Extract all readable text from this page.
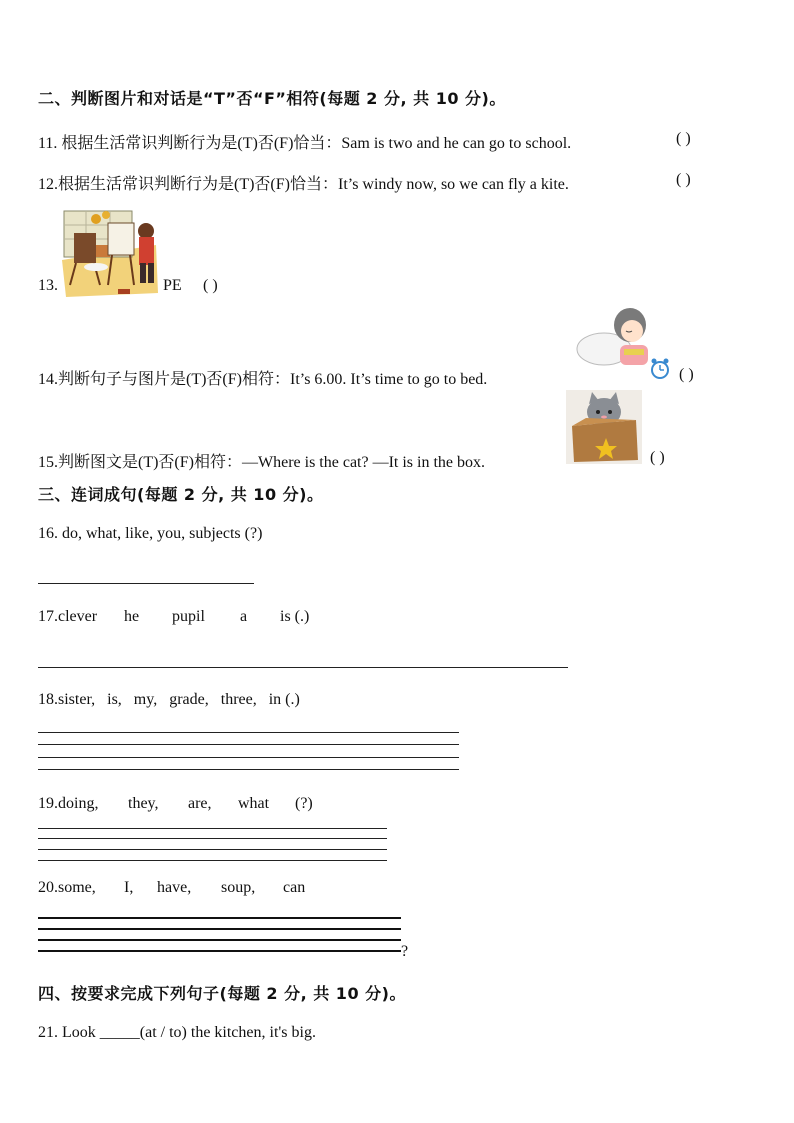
二、判断图片和对话是“T”否“F”相符(每题 2 分, 共 10 分)。
11. 根据生活常识判断行为是(T)否(F)恰当：Sam is two and he can go to school.	( )
12.根据生活常识判断行为是(T)否(F)恰当：It’s windy now, so we can fly a kite.	( )
13.	PE ( )
14.判断句子与图片是(T)否(F)相符：It’s 6.00. It’s time to go to bed.	( )
15.判断图文是(T)否(F)相符：—Where is the cat? —It is in the box.	( )
三、连词成句(每题 2 分, 共 10 分)。
16. do, what, like, you, subjects (?)
17.clever he pupil a is (.)
18.sister,   is,   my,   grade,   three,   in (.)
19.doing, they, are, what (?)
20.some, I, have, soup, can
?
四、按要求完成下列句子(每题 2 分, 共 10 分)。
21. Look _____(at / to) the kitchen, it's big.
